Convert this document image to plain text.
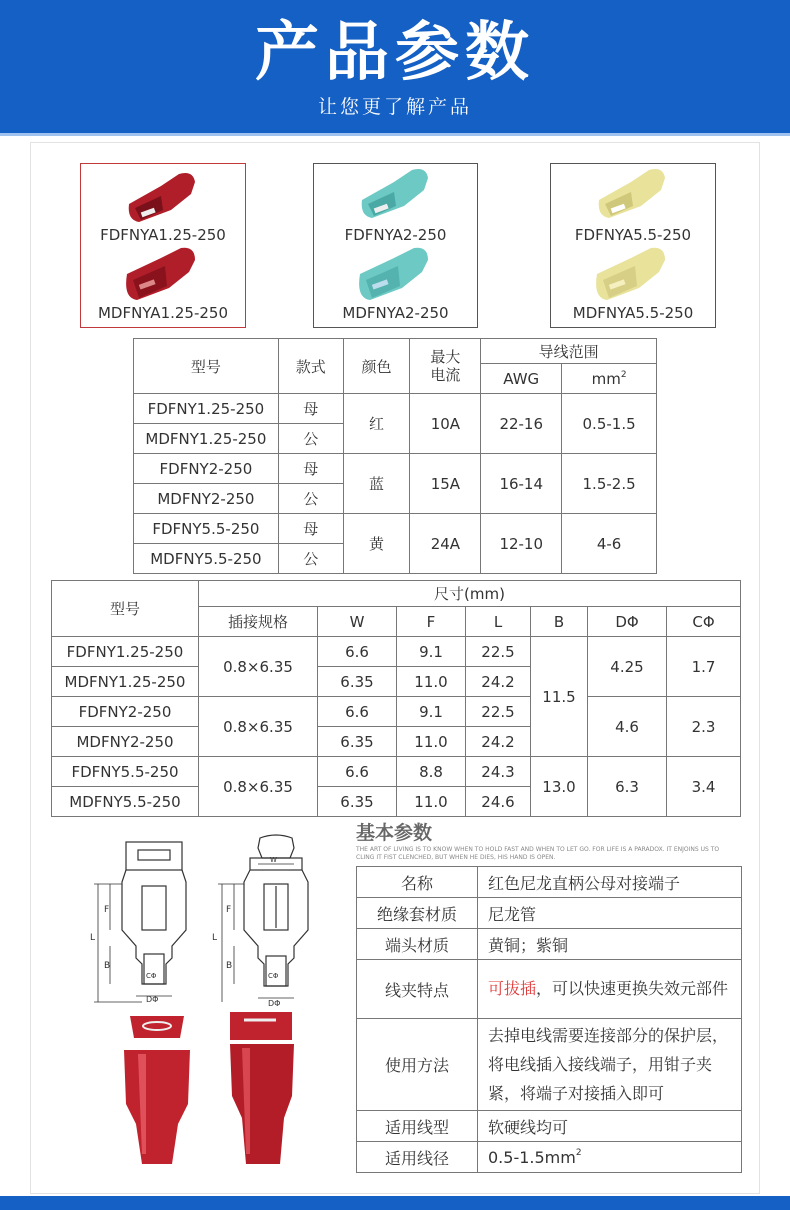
产品参数
让您更了解产品
FDFNYA1.25-250
MDFNYA1.25-250
FDFNYA2-250
MDFNYA2-250
FDFNYA5.5-250
MDFNYA5.5-250
型号	款式	颜色	最大
电流	导线范围	
				AWG	$mm^2$
FDFNY1.25-250	母	红	10A	22-16	0.5-1.5
MDFNY1.25-250	公				
FDFNY2-250	母	蓝	15A	16-14	1.5-2.5
MDFNY2-250	公				
FDFNY5.5-250	母	黄	24A	12-10	4-6
MDFNY5.5-250	公				
型号	尺寸(mm)						
	插接规格	W	F	L	B	DΦ	CΦ
FDFNY1.25-250	0.8×6.35	6.6	9.1	22.5	11.5	4.25	1.7
MDFNY1.25-250		6.35	11.0	24.2			
FDFNY2-250	0.8×6.35	6.6	9.1	22.5		4.6	2.3
MDFNY2-250		6.35	11.0	24.2			
FDFNY5.5-250	0.8×6.35	6.6	8.8	24.3	13.0	6.3	3.4
MDFNY5.5-250		6.35	11.0	24.6			
F
L
B
CΦ
DΦ
W
F
L
B
CΦ
DΦ
基本参数
THE ART OF LIVING IS TO KNOW WHEN TO HOLD FAST AND WHEN TO LET GO. FOR LIFE IS A PARADOX. IT ENJOINS US TO CLING IT FIST CLENCHED, BUT WHEN HE DIES, HIS HAND IS OPEN.
名称	红色尼龙直柄公母对接端子
绝缘套材质	尼龙管
端头材质	黄铜；紫铜
线夹特点	可拔插，可以快速更换失效元部件
使用方法	去掉电线需要连接部分的保护层，将电线插入接线端子，用钳子夹紧，将端子对接插入即可
适用线型	软硬线均可
适用线径	$0.5-1.5mm^2$
